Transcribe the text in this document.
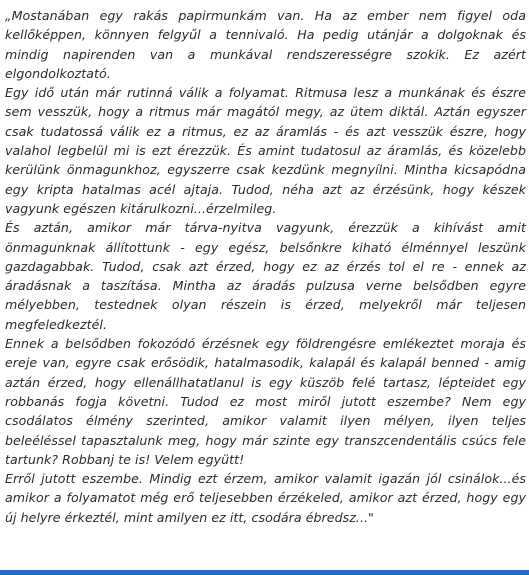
„Mostanában egy rakás papirmunkám van. Ha az ember nem figyel oda kellőképpen, könnyen felgyűl a tennivaló. Ha pedig utánjár a dolgoknak és mindig napirenden van a munkával rendszerességre szokik. Ez azért elgondolkoztató.

Egy idő után már rutinná válik a folyamat. Ritmusa lesz a munkának és észre sem vesszük, hogy a ritmus már magától megy, az ütem diktál. Aztán egyszer csak tudatossá válik ez a ritmus, ez az áramlás - és azt vesszük észre, hogy valahol legbelül mi is ezt érezzük. És amint tudatosul az áramlás, és közelebb kerülünk önmagunkhoz, egyszerre csak kezdünk megnyílni. Mintha kicsapódna egy kripta hatalmas acél ajtaja. Tudod, néha azt az érzésünk, hogy készek vagyunk egészen kitárulkozni...érzelmileg.

És aztán, amikor már tárva-nyitva vagyunk, érezzük a kihívást amit önmagunknak állítottunk - egy egész, belsőnkre kiható élménnyel leszünk gazdagabbak. Tudod, csak azt érzed, hogy ez az érzés tol el re - ennek az áradásnak a taszítása. Mintha az áradás pulzusa verne belsődben egyre mélyebben, testednek olyan részein is érzed, melyekről már teljesen megfeledkeztél.

Ennek a belsődben fokozódó érzésnek egy földrengésre emlékeztet moraja és ereje van, egyre csak erősödik, hatalmasodik, kalapál és kalapál benned - amig aztán érzed, hogy ellenállhatatlanul is egy küszöb felé tartasz, lépteidet egy robbanás fogja követni. Tudod ez most miről jutott eszembe? Nem egy csodálatos élmény szerinted, amikor valamit ilyen mélyen, ilyen teljes beleéléssel tapasztalunk meg, hogy már szinte egy transzcendentális csúcs fele tartunk? Robbanj te is! Velem együtt!

Erről jutott eszembe. Mindig ezt érzem, amikor valamit igazán jól csinálok...és amikor a folyamatot még erő teljesebben érzékeled, amikor azt érzed, hogy egy új helyre érkeztél, mint amilyen ez itt, csodára ébredsz..."
